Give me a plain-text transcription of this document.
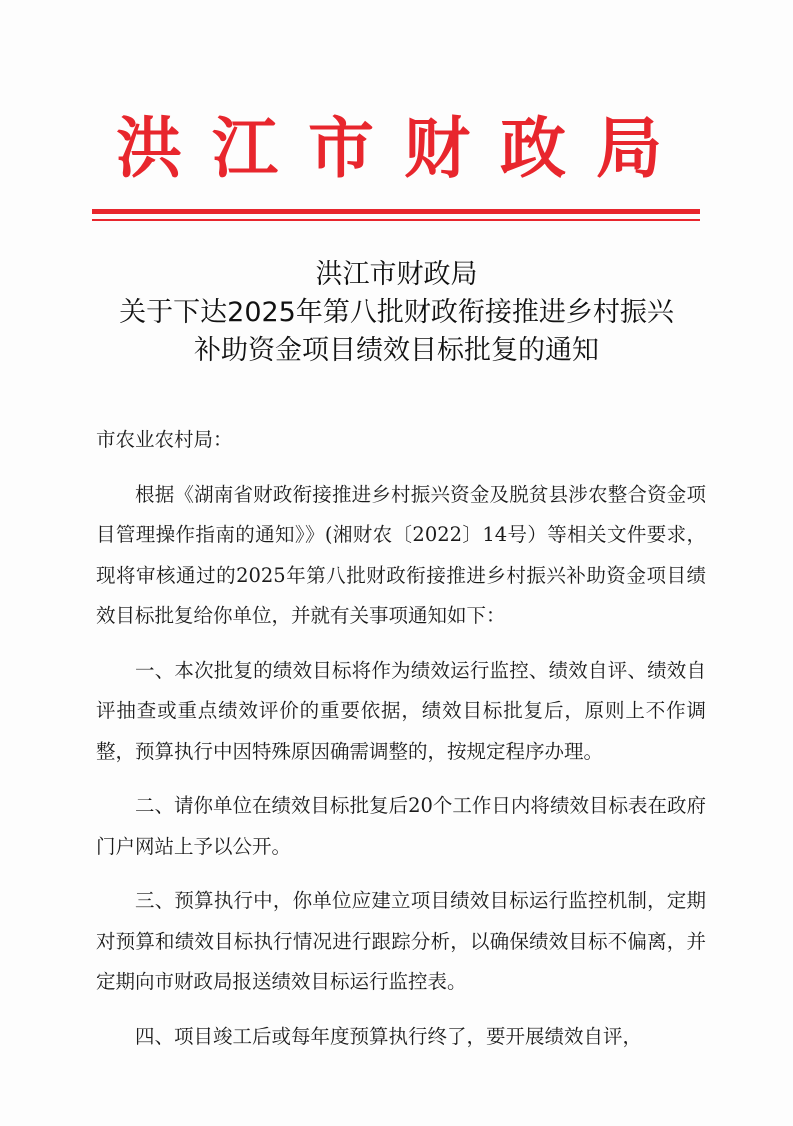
洪江市财政局
洪江市财政局
关于下达2025年第八批财政衔接推进乡村振兴
补助资金项目绩效目标批复的通知

市农业农村局：

根据《湖南省财政衔接推进乡村振兴资金及脱贫县涉农整合资金项目管理操作指南的通知》》(湘财农〔2022〕14号）等相关文件要求，现将审核通过的2025年第八批财政衔接推进乡村振兴补助资金项目绩效目标批复给你单位，并就有关事项通知如下：

一、本次批复的绩效目标将作为绩效运行监控、绩效自评、绩效自评抽查或重点绩效评价的重要依据，绩效目标批复后，原则上不作调整，预算执行中因特殊原因确需调整的，按规定程序办理。

二、请你单位在绩效目标批复后20个工作日内将绩效目标表在政府门户网站上予以公开。

三、预算执行中，你单位应建立项目绩效目标运行监控机制，定期对预算和绩效目标执行情况进行跟踪分析，以确保绩效目标不偏离，并定期向市财政局报送绩效目标运行监控表。

四、项目竣工后或每年度预算执行终了，要开展绩效自评，
